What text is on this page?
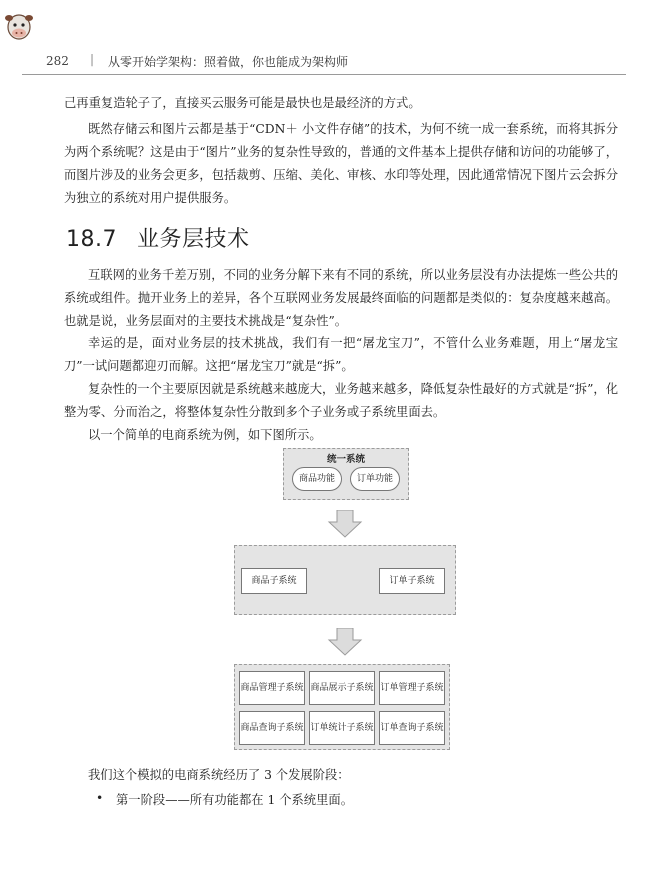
282 | 从零开始学架构：照着做，你也能成为架构师
己再重复造轮子了，直接买云服务可能是最快也是最经济的方式。
既然存储云和图片云都是基于“CDN＋ 小文件存储”的技术，为何不统一成一套系统，而将其拆分为两个系统呢？这是由于“图片”业务的复杂性导致的，普通的文件基本上提供存储和访问的功能够了，而图片涉及的业务会更多，包括裁剪、压缩、美化、审核、水印等处理，因此通常情况下图片云会拆分为独立的系统对用户提供服务。
18.7 业务层技术
互联网的业务千差万别，不同的业务分解下来有不同的系统，所以业务层没有办法提炼一些公共的系统或组件。抛开业务上的差异，各个互联网业务发展最终面临的问题都是类似的：复杂度越来越高。也就是说，业务层面对的主要技术挑战是“复杂性”。
幸运的是，面对业务层的技术挑战，我们有一把“屠龙宝刀”，不管什么业务难题，用上“屠龙宝刀”一试问题都迎刃而解。这把“屠龙宝刀”就是“拆”。
复杂性的一个主要原因就是系统越来越庞大，业务越来越多，降低复杂性最好的方式就是“拆”，化整为零、分而治之，将整体复杂性分散到多个子业务或子系统里面去。
以一个简单的电商系统为例，如下图所示。
统一系统
商品功能	订单功能
商品子系统	订单子系统
商品管理子系统 商品展示子系统 订单管理子系统
商品查询子系统 订单统计子系统 订单查询子系统
我们这个模拟的电商系统经历了 3 个发展阶段：
• 第一阶段——所有功能都在 1 个系统里面。
